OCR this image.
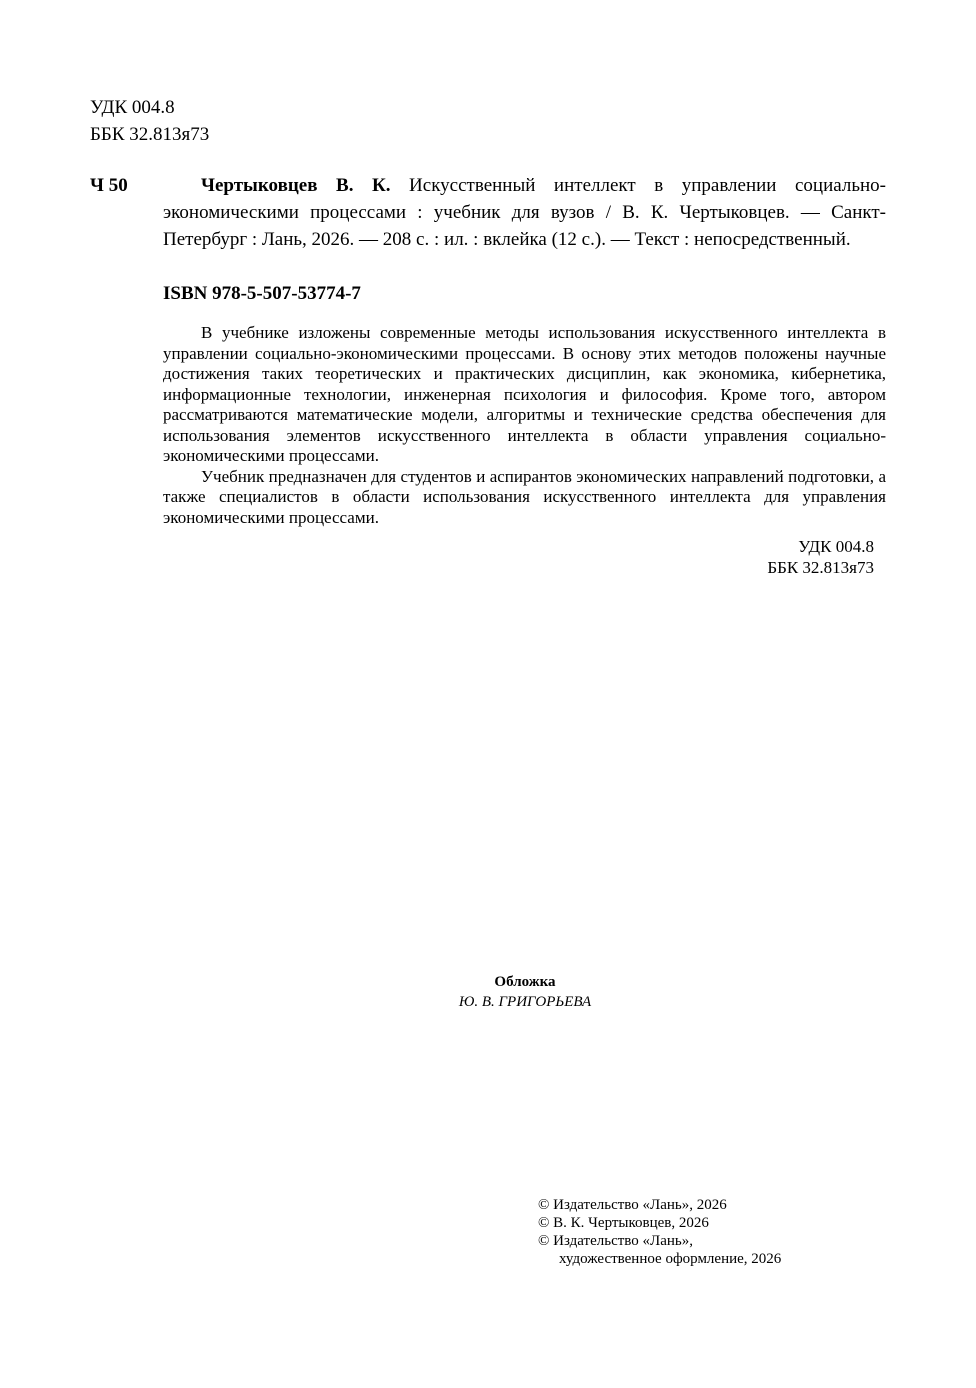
УДК 004.8
ББК 32.813я73
Ч 50	Чертыковцев В. К. Искусственный интеллект в управлении социально-экономическими процессами : учебник для вузов / В. К. Чертыковцев. — Санкт-Петербург : Лань, 2026. — 208 с. : ил. : вклейка (12 с.). — Текст : непосредственный.
ISBN 978-5-507-53774-7

В учебнике изложены современные методы использования искусственного интеллекта в управлении социально-экономическими процессами. В основу этих методов положены научные достижения таких теоретических и практических дисциплин, как экономика, кибернетика, информационные технологии, инженерная психология и философия. Кроме того, автором рассматриваются математические модели, алгоритмы и технические средства обеспечения для использования элементов искусственного интеллекта в области управления социально-экономическими процессами.

Учебник предназначен для студентов и аспирантов экономических направлений подготовки, а также специалистов в области использования искусственного интеллекта для управления экономическими процессами.

УДК 004.8
ББК 32.813я73
Обложка
Ю. В. ГРИГОРЬЕВА
© Издательство «Лань», 2026
© В. К. Чертыковцев, 2026
© Издательство «Лань»,
художественное оформление, 2026
